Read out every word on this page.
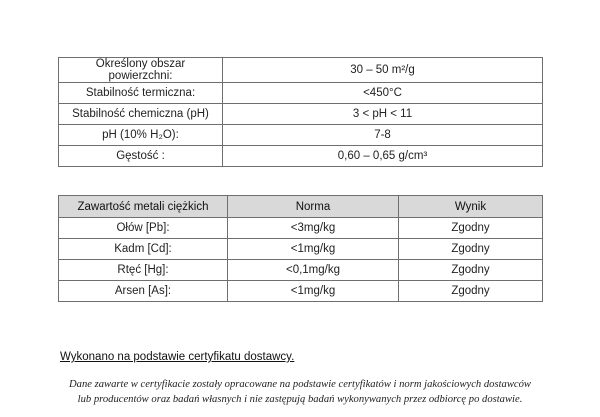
Określony obszar powierzchni:	30 – 50 m²/g
Stabilność termiczna:	<450°C
Stabilność chemiczna (pH)	3 < pH < 11
pH (10% H₂O):	7-8
Gęstość :	0,60 – 0,65 g/cm³
Zawartość metali ciężkich	Norma	Wynik
Ołów [Pb]:	<3mg/kg	Zgodny
Kadm [Cd]:	<1mg/kg	Zgodny
Rtęć [Hg]:	<0,1mg/kg	Zgodny
Arsen [As]:	<1mg/kg	Zgodny
Wykonano na podstawie certyfikatu dostawcy.
Dane zawarte w certyfikacie zostały opracowane na podstawie certyfikatów i norm jakościowych dostawców
lub producentów oraz badań własnych i nie zastępują badań wykonywanych przez odbiorcę po dostawie.
